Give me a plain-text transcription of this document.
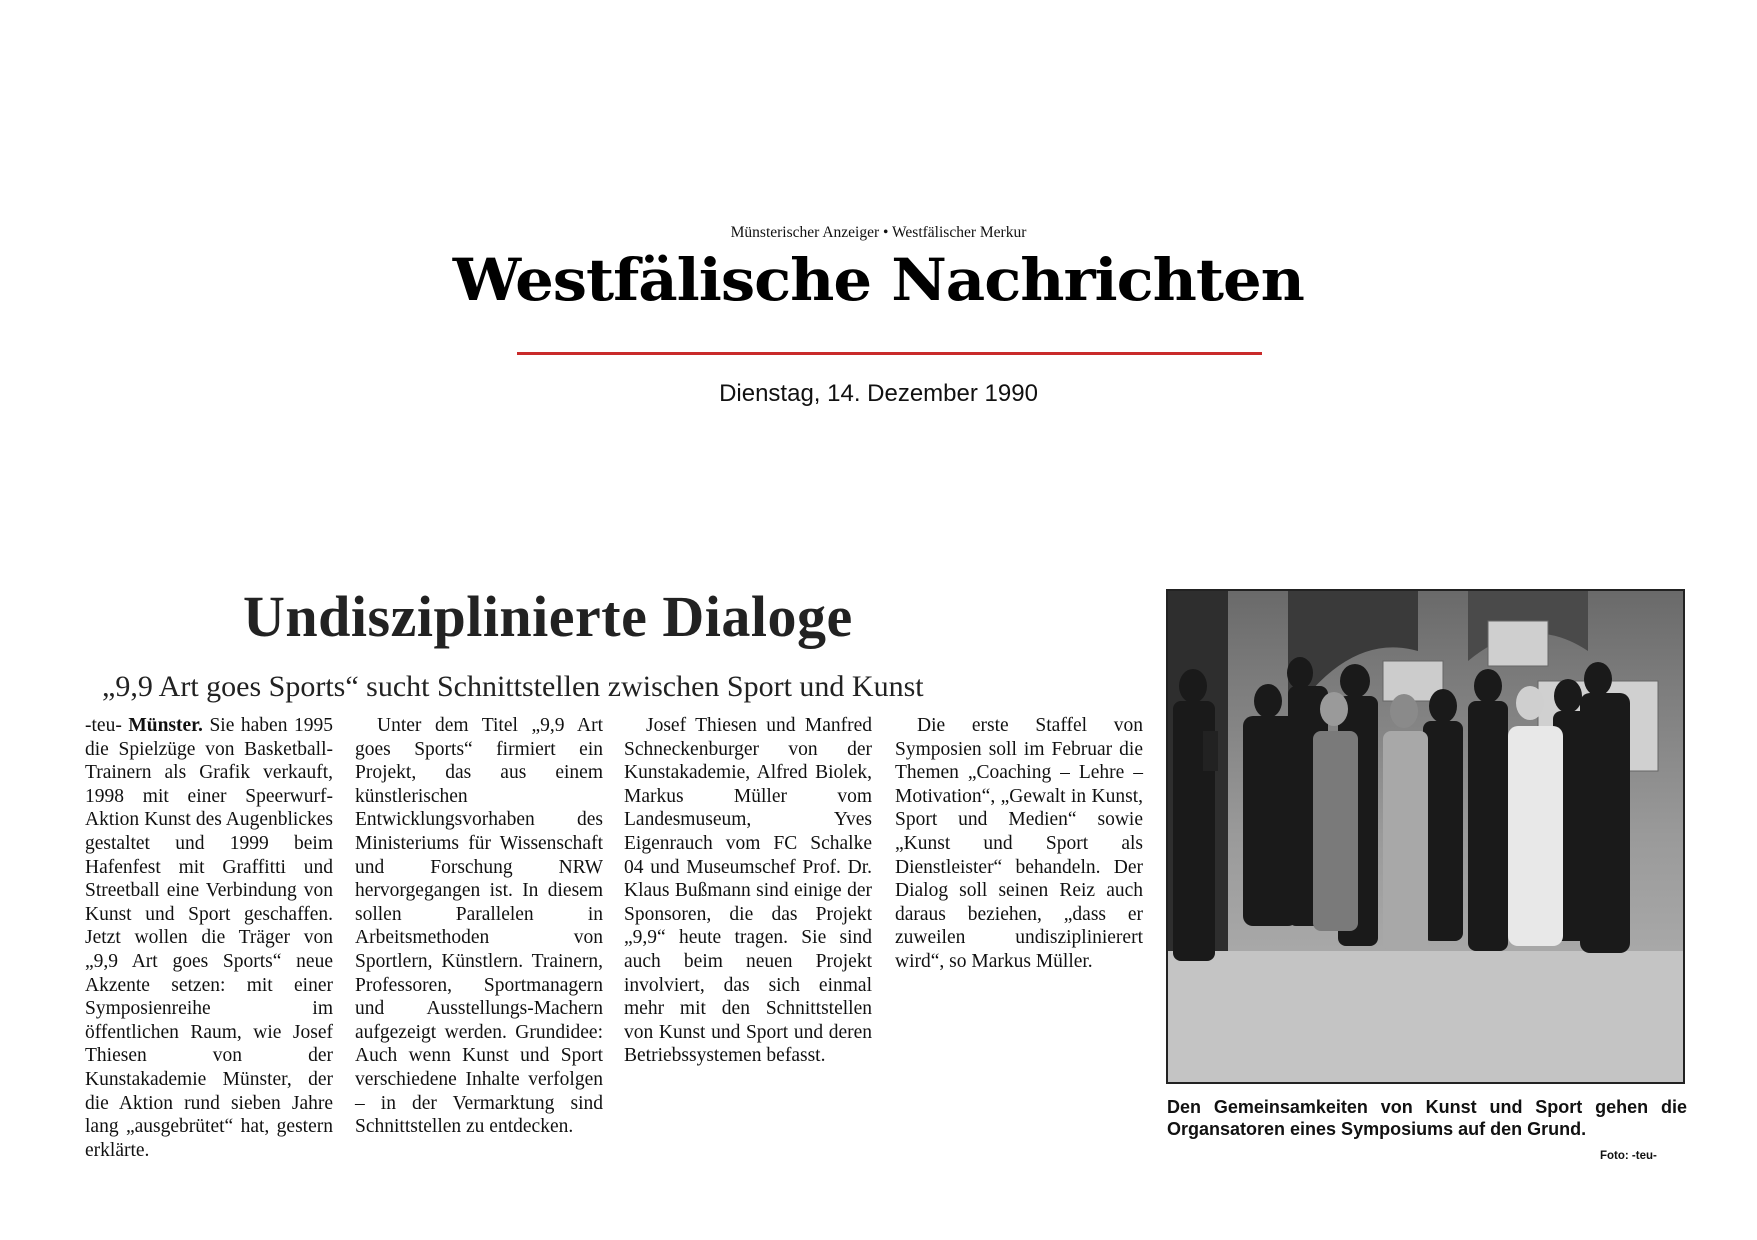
Münsterischer Anzeiger • Westfälischer Merkur

Westfälische Nachrichten
Dienstag, 14. Dezember 1990
Undisziplinierte Dialoge
„9,9 Art goes Sports“ sucht Schnittstellen zwischen Sport und Kunst

-teu- Münster. Sie haben 1995 die Spielzüge von Basketball-Trainern als Grafik verkauft, 1998 mit einer Speerwurf-Aktion Kunst des Augenblickes gestaltet und 1999 beim Hafenfest mit Graffitti und Streetball eine Verbindung von Kunst und Sport geschaffen. Jetzt wollen die Träger von „9,9 Art goes Sports“ neue Akzente setzen: mit einer Symposienreihe im öffentlichen Raum, wie Josef Thiesen von der Kunstakademie Münster, der die Aktion rund sieben Jahre lang „ausgebrütet“ hat, gestern erklärte.

Unter dem Titel „9,9 Art goes Sports“ firmiert ein Projekt, das aus einem künstlerischen Entwicklungsvorhaben des Ministeriums für Wissenschaft und Forschung NRW hervorgegangen ist. In diesem sollen Parallelen in Arbeitsmethoden von Sportlern, Künstlern. Trainern, Professoren, Sportmanagern und Ausstellungs-Machern aufgezeigt werden. Grundidee: Auch wenn Kunst und Sport verschiedene Inhalte verfolgen – in der Vermarktung sind Schnittstellen zu entdecken.

Josef Thiesen und Manfred Schneckenburger von der Kunstakademie, Alfred Biolek, Markus Müller vom Landesmuseum, Yves Eigenrauch vom FC Schalke 04 und Museumschef Prof. Dr. Klaus Bußmann sind einige der Sponsoren, die das Projekt „9,9“ heute tragen. Sie sind auch beim neuen Projekt involviert, das sich einmal mehr mit den Schnittstellen von Kunst und Sport und deren Betriebssystemen befasst.

Die erste Staffel von Symposien soll im Februar die Themen „Coaching – Lehre – Motivation“, „Gewalt in Kunst, Sport und Medien“ sowie „Kunst und Sport als Dienstleister“ behandeln. Der Dialog soll seinen Reiz auch daraus beziehen, „dass er zuweilen undisziplinierert wird“, so Markus Müller.

Den Gemeinsamkeiten von Kunst und Sport gehen die Organsatoren eines Symposiums auf den Grund.
Foto: -teu-
